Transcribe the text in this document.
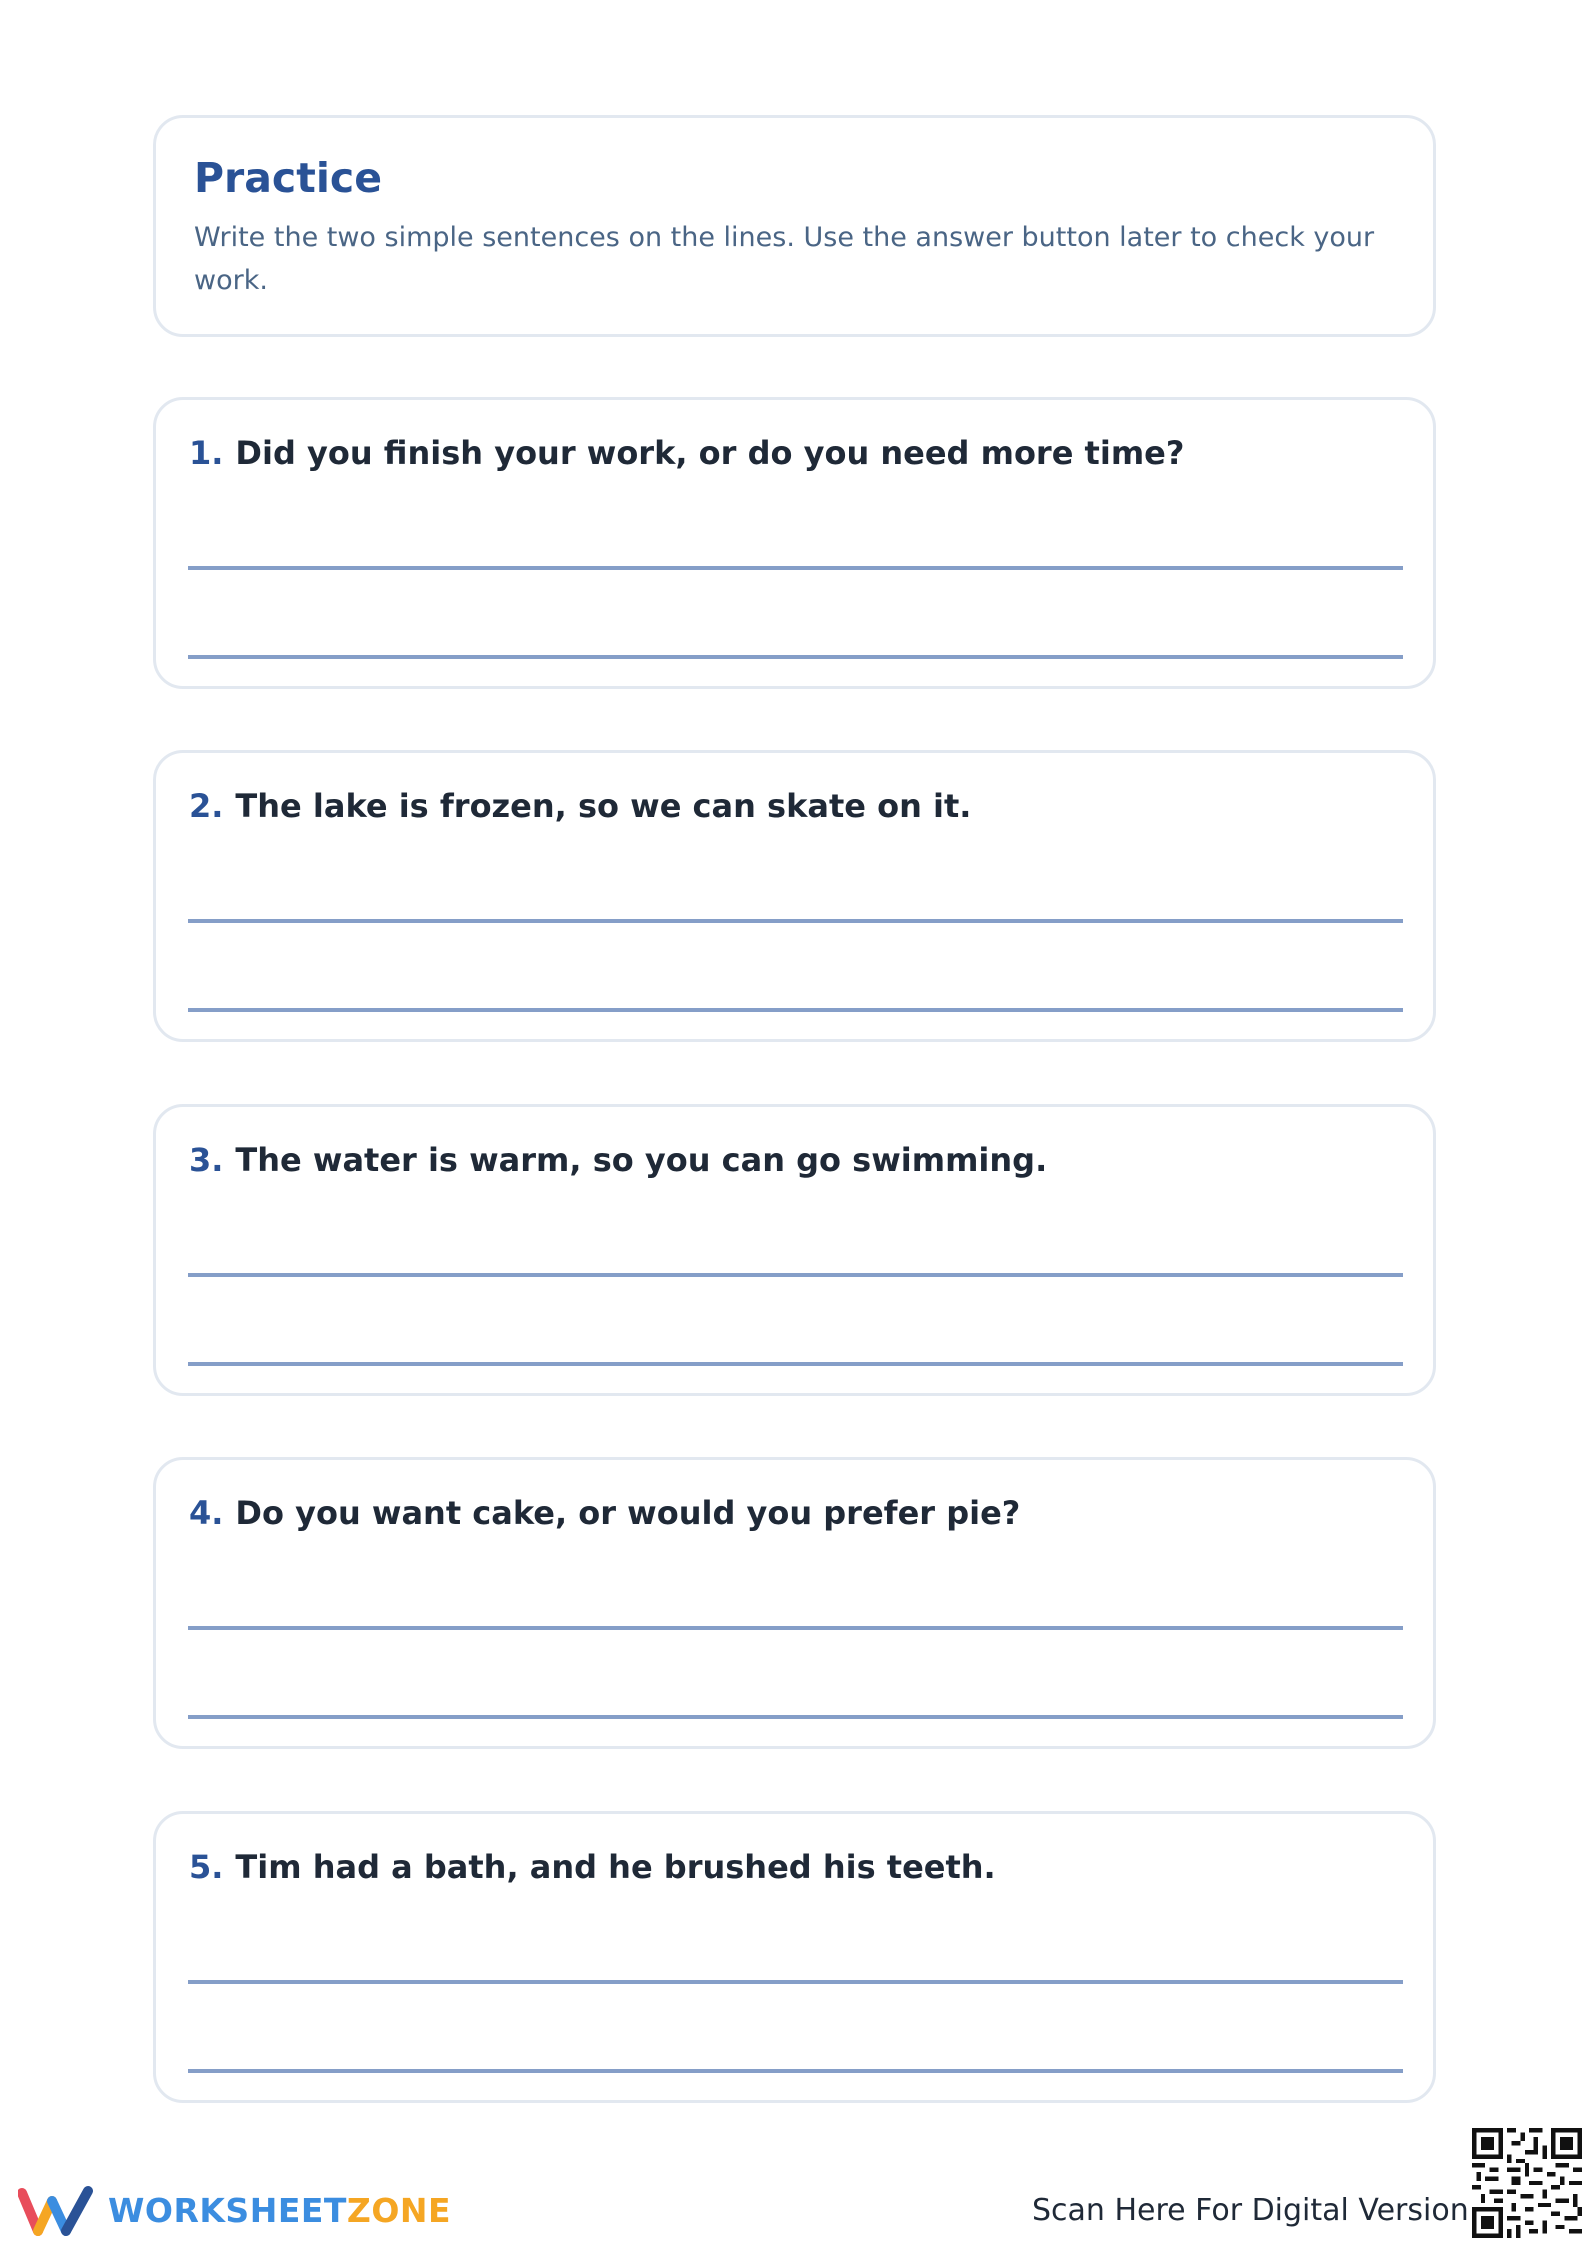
Practice
Write the two simple sentences on the lines. Use the answer button later to check your work.
1. Did you finish your work, or do you need more time?
2. The lake is frozen, so we can skate on it.
3. The water is warm, so you can go swimming.
4. Do you want cake, or would you prefer pie?
5. Tim had a bath, and he brushed his teeth.
WORKSHEETZONE	Scan Here For Digital Version
